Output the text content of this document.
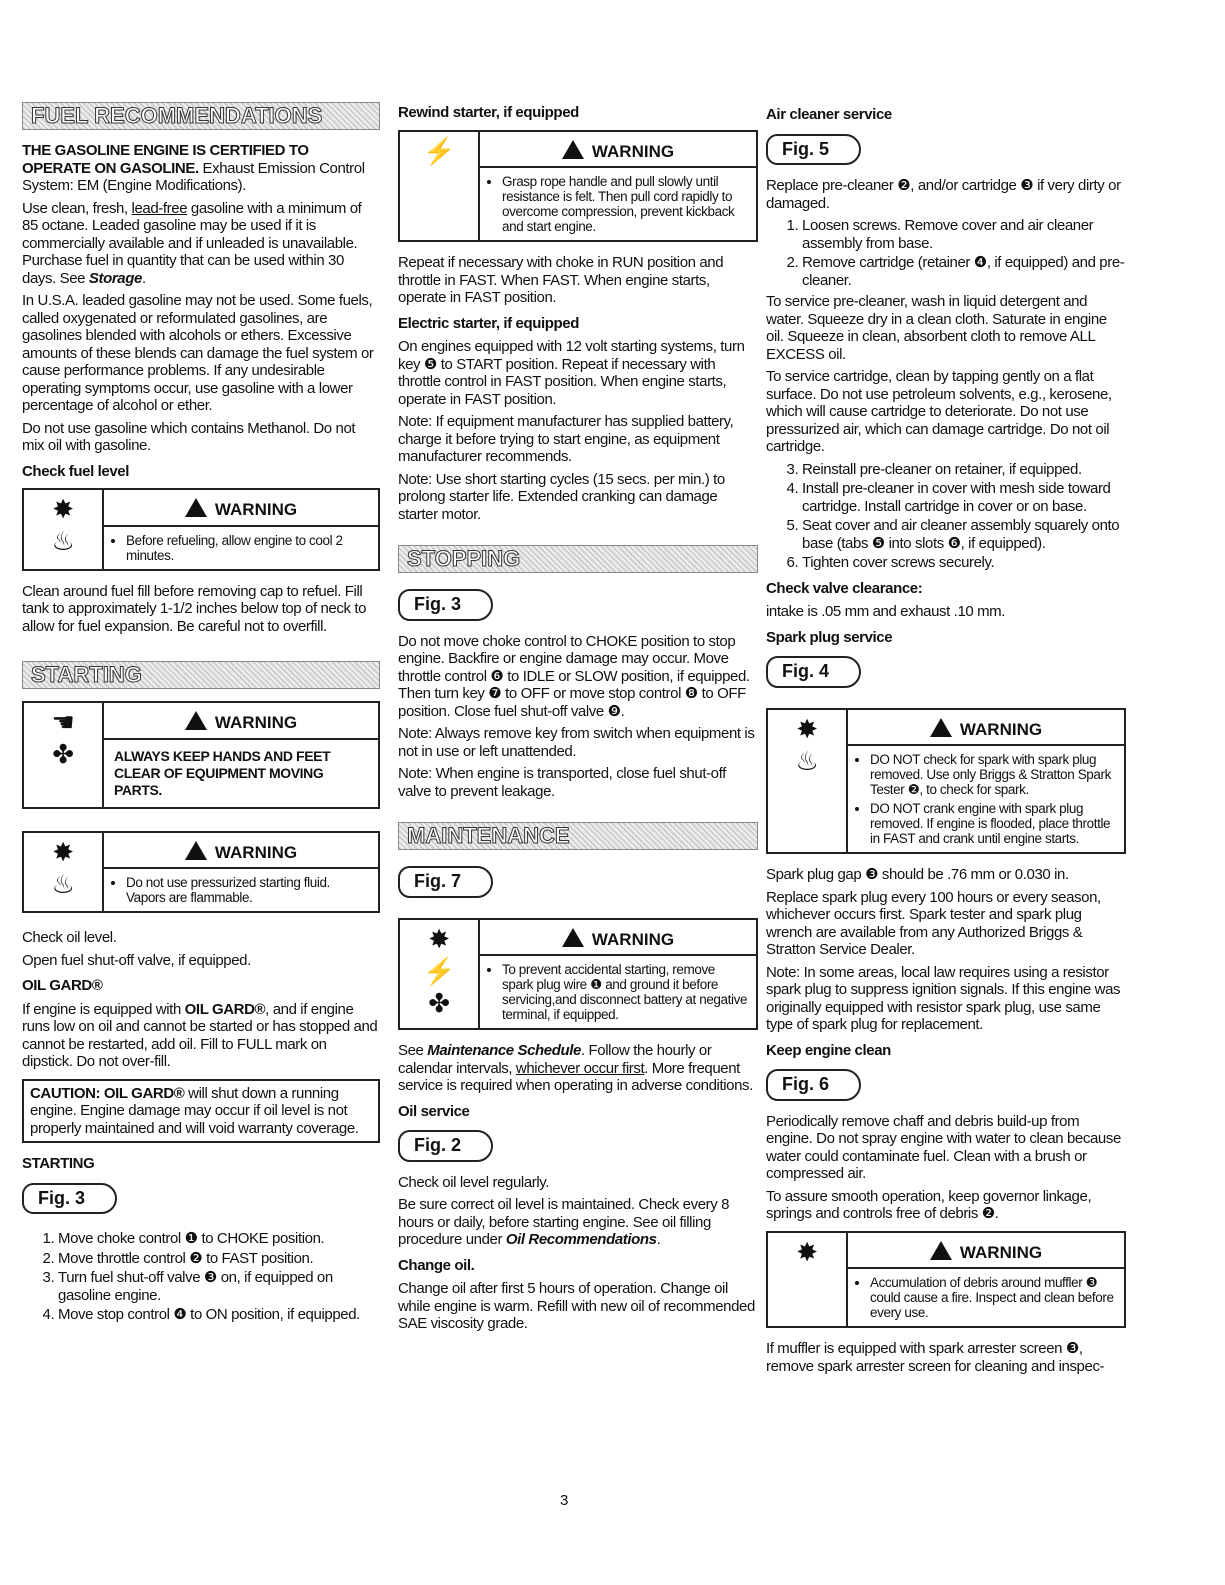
FUEL RECOMMENDATIONS

THE GASOLINE ENGINE IS CERTIFIED TO OPERATE ON GASOLINE. Exhaust Emission Control System: EM (Engine Modifications).

Use clean, fresh, lead-free gasoline with a minimum of 85 octane. Leaded gasoline may be used if it is commercially available and if unleaded is unavailable. Purchase fuel in quantity that can be used within 30 days. See Storage.

In U.S.A. leaded gasoline may not be used. Some fuels, called oxygenated or reformulated gasolines, are gasolines blended with alcohols or ethers. Excessive amounts of these blends can damage the fuel system or cause performance problems. If any undesirable operating symptoms occur, use gasoline with a lower percentage of alcohol or ether.

Do not use gasoline which contains Methanol. Do not mix oil with gasoline.

Check fuel level
✸
♨
WARNING
• Before refueling, allow engine to cool 2 minutes.

Clean around fuel fill before removing cap to refuel. Fill tank to approximately 1-1/2 inches below top of neck to allow for fuel expansion. Be careful not to overfill.

STARTING
☚
✤
WARNING
ALWAYS KEEP HANDS AND FEET CLEAR OF EQUIPMENT MOVING PARTS.
✸
♨
WARNING
• Do not use pressurized starting fluid. Vapors are flammable.

Check oil level.

Open fuel shut-off valve, if equipped.

OIL GARD®

If engine is equipped with OIL GARD®, and if engine runs low on oil and cannot be started or has stopped and cannot be restarted, add oil. Fill to FULL mark on dipstick. Do not over-fill.

CAUTION: OIL GARD® will shut down a running engine. Engine damage may occur if oil level is not properly maintained and will void warranty coverage.
STARTING
Fig. 3
1. Move choke control ❶ to CHOKE position.
2. Move throttle control ❷ to FAST position.
3. Turn fuel shut-off valve ❸ on, if equipped on gasoline engine.
4. Move stop control ❹ to ON position, if equipped.
Rewind starter, if equipped
⚡	WARNING
• Grasp rope handle and pull slowly until resistance is felt. Then pull cord rapidly to overcome compression, prevent kickback and start engine.

Repeat if necessary with choke in RUN position and throttle in FAST. When FAST. When engine starts, operate in FAST position.

Electric starter, if equipped

On engines equipped with 12 volt starting systems, turn key ❺ to START position. Repeat if necessary with throttle control in FAST position. When engine starts, operate in FAST position.

Note: If equipment manufacturer has supplied battery, charge it before trying to start engine, as equipment manufacturer recommends.

Note: Use short starting cycles (15 secs. per min.) to prolong starter life. Extended cranking can damage starter motor.

STOPPING
Fig. 3

Do not move choke control to CHOKE position to stop engine. Backfire or engine damage may occur. Move throttle control ❻ to IDLE or SLOW position, if equipped. Then turn key ❼ to OFF or move stop control ❽ to OFF position. Close fuel shut-off valve ❾.

Note: Always remove key from switch when equipment is not in use or left unattended.

Note: When engine is transported, close fuel shut-off valve to prevent leakage.

MAINTENANCE
Fig. 7
✸
⚡
✤
WARNING
• To prevent accidental starting, remove spark plug wire ❶ and ground it before servicing,and disconnect battery at negative terminal, if equipped.

See Maintenance Schedule. Follow the hourly or calendar intervals, whichever occur first. More frequent service is required when operating in adverse conditions.

Oil service
Fig. 2

Check oil level regularly.

Be sure correct oil level is maintained. Check every 8 hours or daily, before starting engine. See oil filling procedure under Oil Recommendations.

Change oil.

Change oil after first 5 hours of operation. Change oil while engine is warm. Refill with new oil of recommended SAE viscosity grade.

Air cleaner service
Fig. 5

Replace pre-cleaner ❷, and/or cartridge ❸ if very dirty or damaged.

1. Loosen screws. Remove cover and air cleaner assembly from base.
2. Remove cartridge (retainer ❹, if equipped) and pre-cleaner.

To service pre-cleaner, wash in liquid detergent and water. Squeeze dry in a clean cloth. Saturate in engine oil. Squeeze in clean, absorbent cloth to remove ALL EXCESS oil.

To service cartridge, clean by tapping gently on a flat surface. Do not use petroleum solvents, e.g., kerosene, which will cause cartridge to deteriorate. Do not use pressurized air, which can damage cartridge. Do not oil cartridge.

3. Reinstall pre-cleaner on retainer, if equipped.
4. Install pre-cleaner in cover with mesh side toward cartridge. Install cartridge in cover or on base.
5. Seat cover and air cleaner assembly squarely onto base (tabs ❺ into slots ❻, if equipped).
6. Tighten cover screws securely.
Check valve clearance:

intake is .05 mm and exhaust .10 mm.

Spark plug service
Fig. 4
✸
♨
WARNING
• DO NOT check for spark with spark plug removed. Use only Briggs & Stratton Spark Tester ❷, to check for spark.
• DO NOT crank engine with spark plug removed. If engine is flooded, place throttle in FAST and crank until engine starts.

Spark plug gap ❸ should be .76 mm or 0.030 in.

Replace spark plug every 100 hours or every season, whichever occurs first. Spark tester and spark plug wrench are available from any Authorized Briggs & Stratton Service Dealer.

Note: In some areas, local law requires using a resistor spark plug to suppress ignition signals. If this engine was originally equipped with resistor spark plug, use same type of spark plug for replacement.

Keep engine clean
Fig. 6

Periodically remove chaff and debris build-up from engine. Do not spray engine with water to clean because water could contaminate fuel. Clean with a brush or compressed air.

To assure smooth operation, keep governor linkage, springs and controls free of debris ❷.

✸	WARNING
• Accumulation of debris around muffler ❸ could cause a fire. Inspect and clean before every use.

If muffler is equipped with spark arrester screen ❸, remove spark arrester screen for cleaning and inspec-

3
